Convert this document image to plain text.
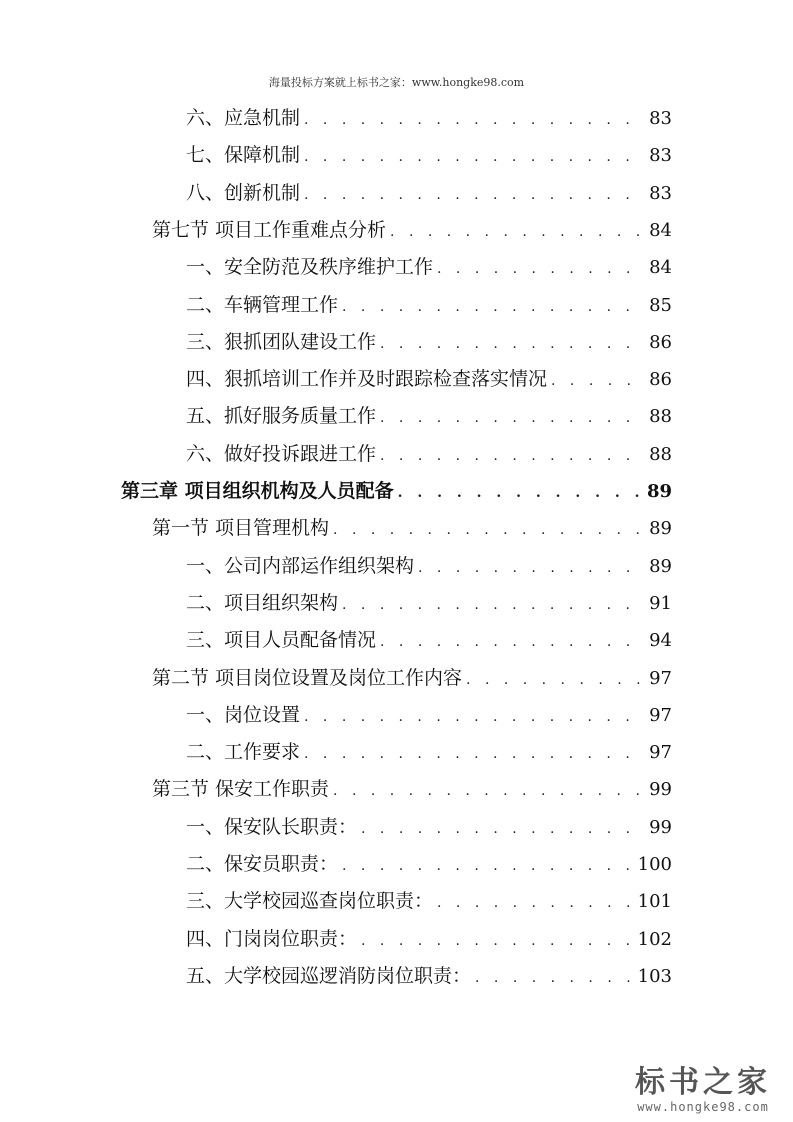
海量投标方案就上标书之家：www.hongke98.com
六、应急机制 . . .	83
七、保障机制 . . .	83
八、创新机制 . . .	83
第七节 项目工作重难点分析 . . .	84
一、安全防范及秩序维护工作 . . .	84
二、车辆管理工作 . . .	85
三、狠抓团队建设工作 . . .	86
四、狠抓培训工作并及时跟踪检查落实情况 . . .	86
五、抓好服务质量工作 . . .	88
六、做好投诉跟进工作 . . .	88
第三章 项目组织机构及人员配备 . . .	89
第一节 项目管理机构 . . .	89
一、公司内部运作组织架构 . . .	89
二、项目组织架构 . . .	91
三、项目人员配备情况 . . .	94
第二节 项目岗位设置及岗位工作内容 . . .	97
一、岗位设置 . . .	97
二、工作要求 . . .	97
第三节 保安工作职责 . . .	99
一、保安队长职责： . . .	99
二、保安员职责： . . .	100
三、大学校园巡查岗位职责： . . .	101
四、门岗岗位职责： . . .	102
五、大学校园巡逻消防岗位职责： . . .	103
标书之家
www.hongke98.com
